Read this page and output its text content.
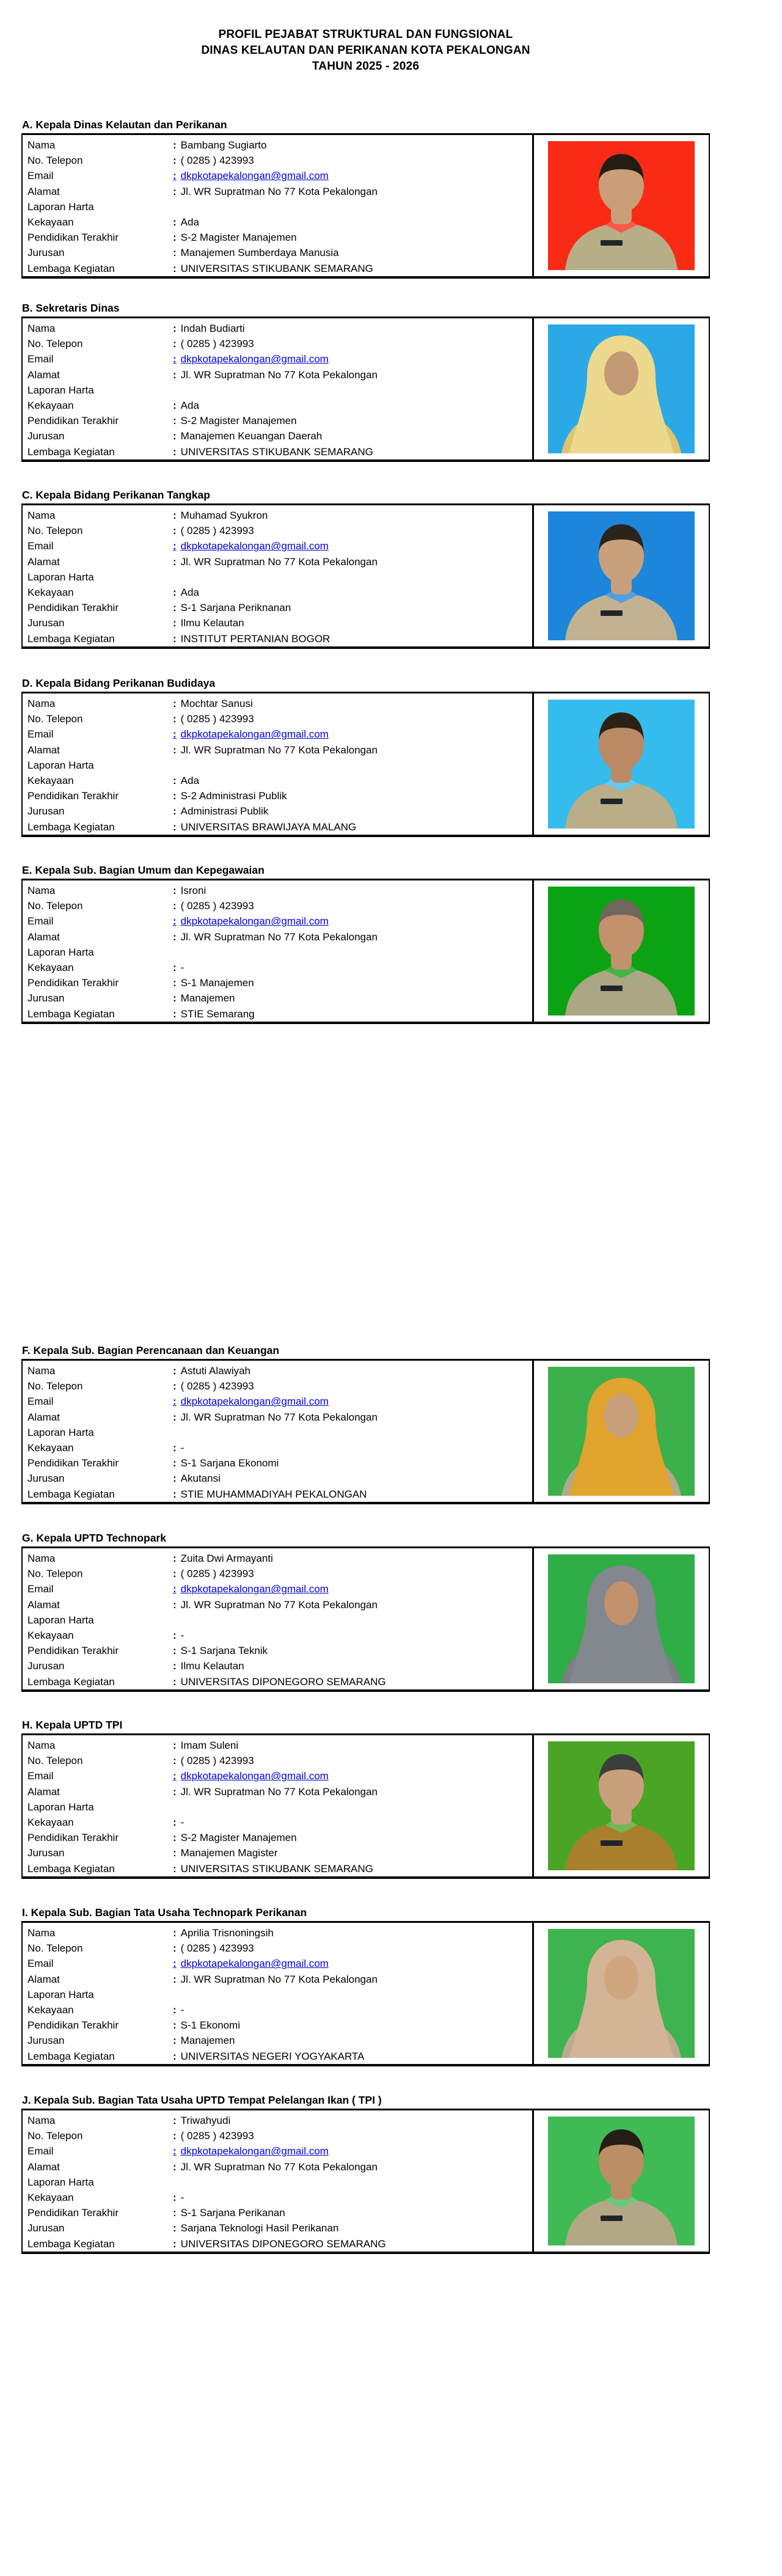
PROFIL PEJABAT STRUKTURAL DAN FUNGSIONAL
DINAS KELAUTAN DAN PERIKANAN KOTA PEKALONGAN
TAHUN 2025 - 2026
A. Kepala Dinas Kelautan dan Perikanan
Nama	: Bambang Sugiarto
No. Telepon	: ( 0285 ) 423993
Email	: dkpkotapekalongan@gmail.com
Alamat	: Jl. WR Supratman No 77 Kota Pekalongan
Laporan Harta
Kekayaan	: Ada
Pendidikan Terakhir	: S-2 Magister Manajemen
Jurusan	: Manajemen Sumberdaya Manusia
Lembaga Kegiatan	: UNIVERSITAS STIKUBANK SEMARANG
B. Sekretaris Dinas
Nama	: Indah Budiarti
No. Telepon	: ( 0285 ) 423993
Email	: dkpkotapekalongan@gmail.com
Alamat	: Jl. WR Supratman No 77 Kota Pekalongan
Laporan Harta
Kekayaan	: Ada
Pendidikan Terakhir	: S-2 Magister Manajemen
Jurusan	: Manajemen Keuangan Daerah
Lembaga Kegiatan	: UNIVERSITAS STIKUBANK SEMARANG
C. Kepala Bidang Perikanan Tangkap
Nama	: Muhamad Syukron
No. Telepon	: ( 0285 ) 423993
Email	: dkpkotapekalongan@gmail.com
Alamat	: Jl. WR Supratman No 77 Kota Pekalongan
Laporan Harta
Kekayaan	: Ada
Pendidikan Terakhir	: S-1 Sarjana Periknanan
Jurusan	: Ilmu Kelautan
Lembaga Kegiatan	: INSTITUT PERTANIAN BOGOR
D. Kepala Bidang Perikanan Budidaya
Nama	: Mochtar Sanusi
No. Telepon	: ( 0285 ) 423993
Email	: dkpkotapekalongan@gmail.com
Alamat	: Jl. WR Supratman No 77 Kota Pekalongan
Laporan Harta
Kekayaan	: Ada
Pendidikan Terakhir	: S-2 Administrasi Publik
Jurusan	: Administrasi Publik
Lembaga Kegiatan	: UNIVERSITAS BRAWIJAYA MALANG
E. Kepala Sub. Bagian Umum dan Kepegawaian
Nama	: Isroni
No. Telepon	: ( 0285 ) 423993
Email	: dkpkotapekalongan@gmail.com
Alamat	: Jl. WR Supratman No 77 Kota Pekalongan
Laporan Harta
Kekayaan	: -
Pendidikan Terakhir	: S-1 Manajemen
Jurusan	: Manajemen
Lembaga Kegiatan	: STIE Semarang
F. Kepala Sub. Bagian Perencanaan dan Keuangan
Nama	: Astuti Alawiyah
No. Telepon	: ( 0285 ) 423993
Email	: dkpkotapekalongan@gmail.com
Alamat	: Jl. WR Supratman No 77 Kota Pekalongan
Laporan Harta
Kekayaan	: -
Pendidikan Terakhir	: S-1 Sarjana Ekonomi
Jurusan	: Akutansi
Lembaga Kegiatan	: STIE MUHAMMADIYAH PEKALONGAN
G. Kepala UPTD Technopark
Nama	: Zuita Dwi Armayanti
No. Telepon	: ( 0285 ) 423993
Email	: dkpkotapekalongan@gmail.com
Alamat	: Jl. WR Supratman No 77 Kota Pekalongan
Laporan Harta
Kekayaan	: -
Pendidikan Terakhir	: S-1 Sarjana Teknik
Jurusan	: Ilmu Kelautan
Lembaga Kegiatan	: UNIVERSITAS DIPONEGORO SEMARANG
H. Kepala UPTD TPI
Nama	: Imam Suleni
No. Telepon	: ( 0285 ) 423993
Email	: dkpkotapekalongan@gmail.com
Alamat	: Jl. WR Supratman No 77 Kota Pekalongan
Laporan Harta
Kekayaan	: -
Pendidikan Terakhir	: S-2 Magister Manajemen
Jurusan	: Manajemen Magister
Lembaga Kegiatan	: UNIVERSITAS STIKUBANK SEMARANG
I. Kepala Sub. Bagian Tata Usaha Technopark Perikanan
Nama	: Aprilia Trisnoningsih
No. Telepon	: ( 0285 ) 423993
Email	: dkpkotapekalongan@gmail.com
Alamat	: Jl. WR Supratman No 77 Kota Pekalongan
Laporan Harta
Kekayaan	: -
Pendidikan Terakhir	: S-1 Ekonomi
Jurusan	: Manajemen
Lembaga Kegiatan	: UNIVERSITAS NEGERI YOGYAKARTA
J. Kepala Sub. Bagian Tata Usaha UPTD Tempat Pelelangan Ikan ( TPI )
Nama	: Triwahyudi
No. Telepon	: ( 0285 ) 423993
Email	: dkpkotapekalongan@gmail.com
Alamat	: Jl. WR Supratman No 77 Kota Pekalongan
Laporan Harta
Kekayaan	: -
Pendidikan Terakhir	: S-1 Sarjana Perikanan
Jurusan	: Sarjana Teknologi Hasil Perikanan
Lembaga Kegiatan	: UNIVERSITAS DIPONEGORO SEMARANG
